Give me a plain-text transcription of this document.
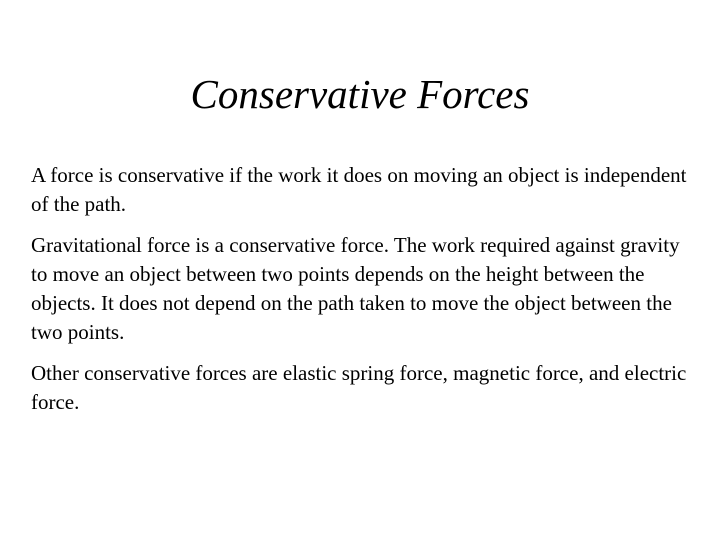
Conservative Forces

A force is conservative if the work it does on moving an object is independent of the path.

Gravitational force is a conservative force. The work required against gravity to move an object between two points depends on the height between the objects. It does not depend on the path taken to move the object between the two points.

Other conservative forces are elastic spring force, magnetic force, and electric force.
